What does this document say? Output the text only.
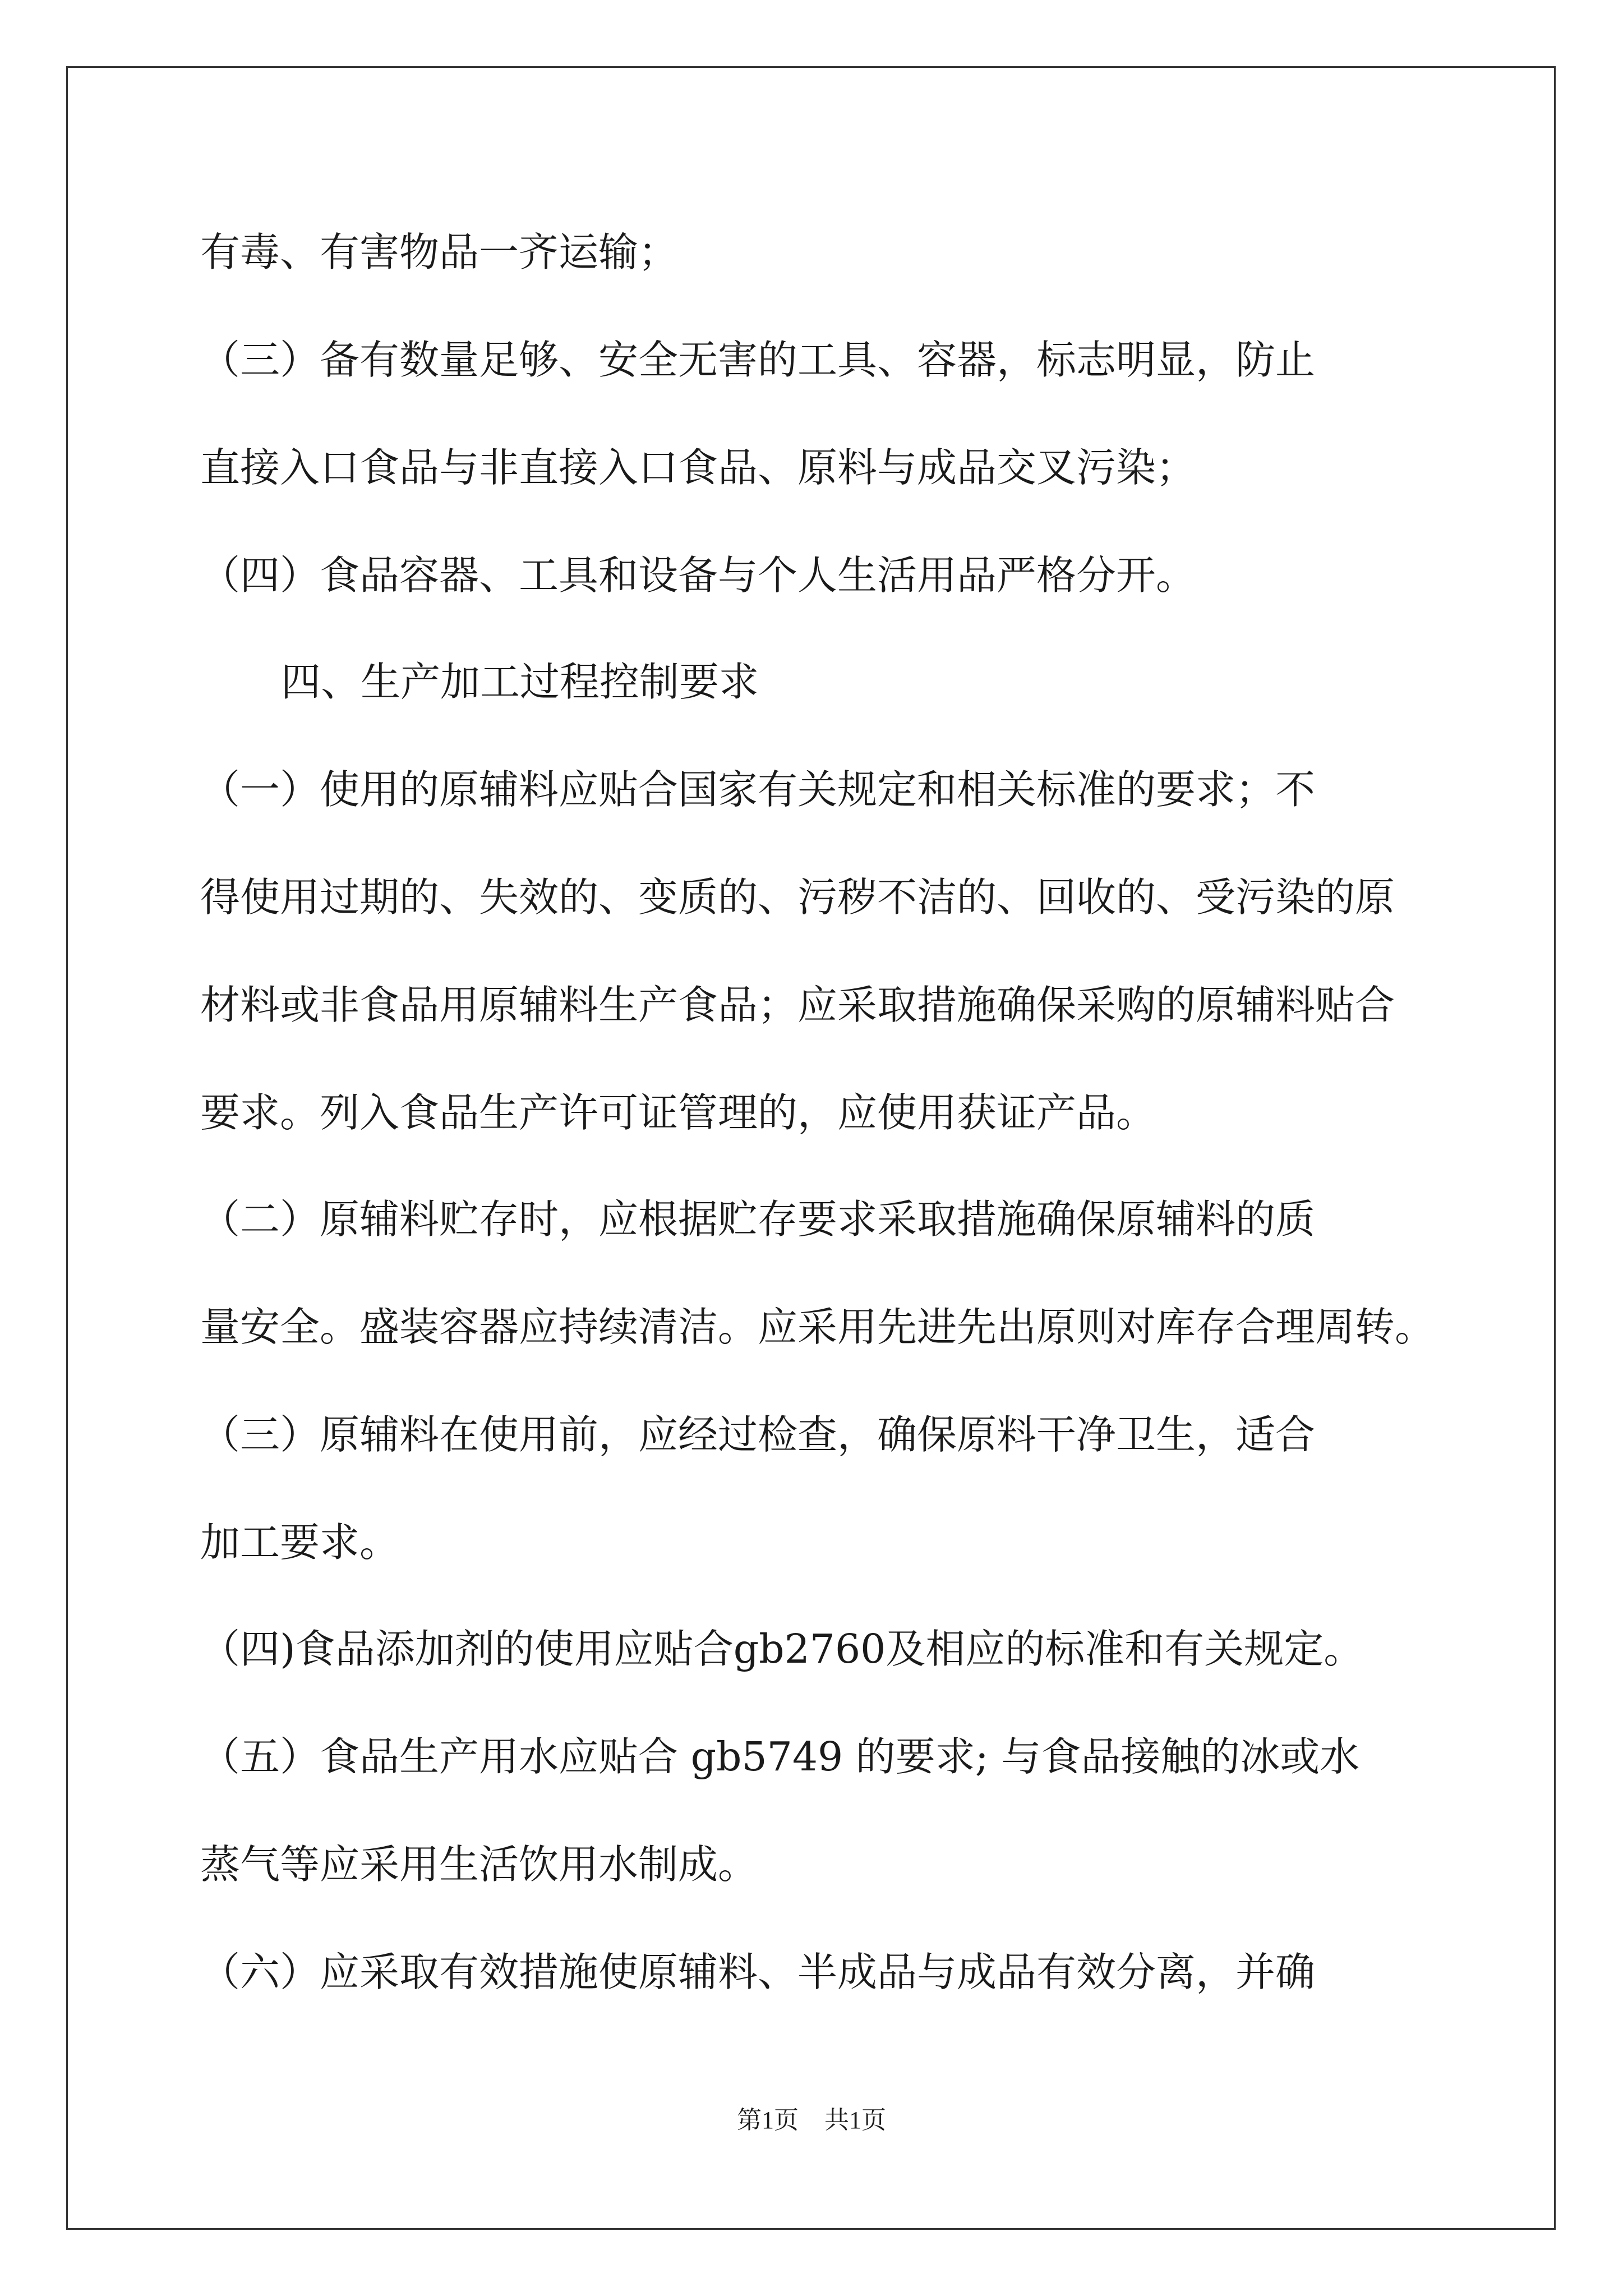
有毒、有害物品一齐运输；
（三）备有数量足够、安全无害的工具、容器，标志明显，防止
直接入口食品与非直接入口食品、原料与成品交叉污染；
（四）食品容器、工具和设备与个人生活用品严格分开。
四、生产加工过程控制要求
（一）使用的原辅料应贴合国家有关规定和相关标准的要求；不
得使用过期的、失效的、变质的、污秽不洁的、回收的、受污染的原
材料或非食品用原辅料生产食品；应采取措施确保采购的原辅料贴合
要求。列入食品生产许可证管理的，应使用获证产品。
（二）原辅料贮存时，应根据贮存要求采取措施确保原辅料的质
量安全。盛装容器应持续清洁。应采用先进先出原则对库存合理周转。
（三）原辅料在使用前，应经过检查，确保原料干净卫生，适合
加工要求。
（四)食品添加剂的使用应贴合gb2760及相应的标准和有关规定。
（五）食品生产用水应贴合 gb5749 的要求; 与食品接触的冰或水
蒸气等应采用生活饮用水制成。
（六）应采取有效措施使原辅料、半成品与成品有效分离，并确
第1页 共1页
